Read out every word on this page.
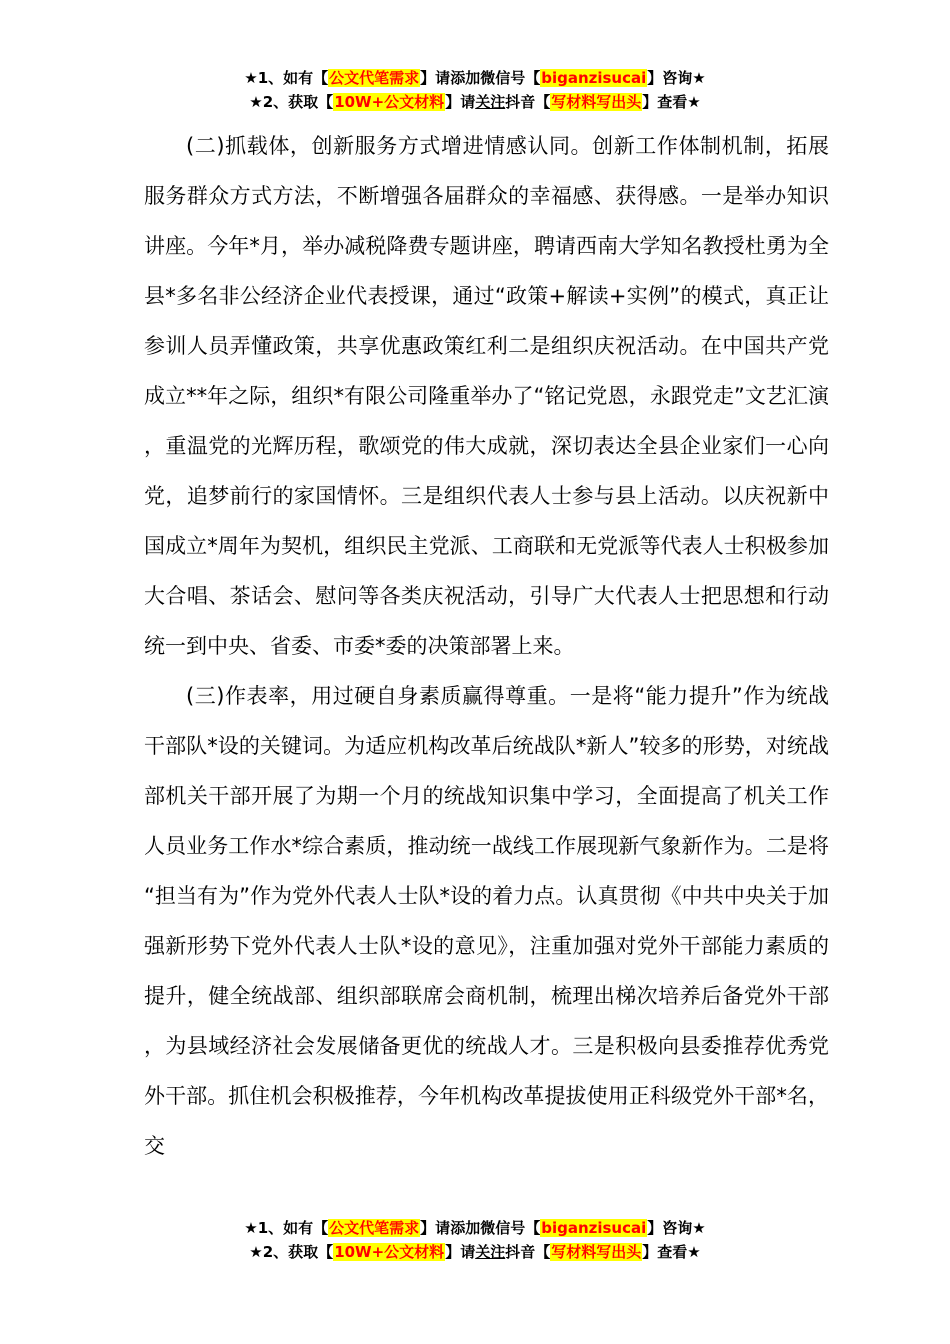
★1、如有【公文代笔需求】请添加微信号【biganzisucai】咨询★
★2、获取【10W+公文材料】请关注抖音【写材料写出头】查看★

(二)抓载体，创新服务方式增进情感认同。创新工作体制机制，拓展服务群众方式方法，不断增强各届群众的幸福感、获得感。一是举办知识讲座。今年*月，举办减税降费专题讲座，聘请西南大学知名教授杜勇为全县*多名非公经济企业代表授课，通过“政策+解读+实例”的模式，真正让参训人员弄懂政策，共享优惠政策红利二是组织庆祝活动。在中国共产党成立**年之际，组织*有限公司隆重举办了“铭记党恩，永跟党走”文艺汇演，重温党的光辉历程，歌颂党的伟大成就，深切表达全县企业家们一心向党，追梦前行的家国情怀。三是组织代表人士参与县上活动。以庆祝新中国成立*周年为契机，组织民主党派、工商联和无党派等代表人士积极参加大合唱、茶话会、慰问等各类庆祝活动，引导广大代表人士把思想和行动统一到中央、省委、市委*委的决策部署上来。

(三)作表率，用过硬自身素质赢得尊重。一是将“能力提升”作为统战干部队*设的关键词。为适应机构改革后统战队*新人”较多的形势，对统战部机关干部开展了为期一个月的统战知识集中学习，全面提高了机关工作人员业务工作水*综合素质，推动统一战线工作展现新气象新作为。二是将“担当有为”作为党外代表人士队*设的着力点。认真贯彻《中共中央关于加强新形势下党外代表人士队*设的意见》，注重加强对党外干部能力素质的提升，健全统战部、组织部联席会商机制，梳理出梯次培养后备党外干部，为县域经济社会发展储备更优的统战人才。三是积极向县委推荐优秀党外干部。抓住机会积极推荐，今年机构改革提拔使用正科级党外干部*名，交

★1、如有【公文代笔需求】请添加微信号【biganzisucai】咨询★
★2、获取【10W+公文材料】请关注抖音【写材料写出头】查看★
